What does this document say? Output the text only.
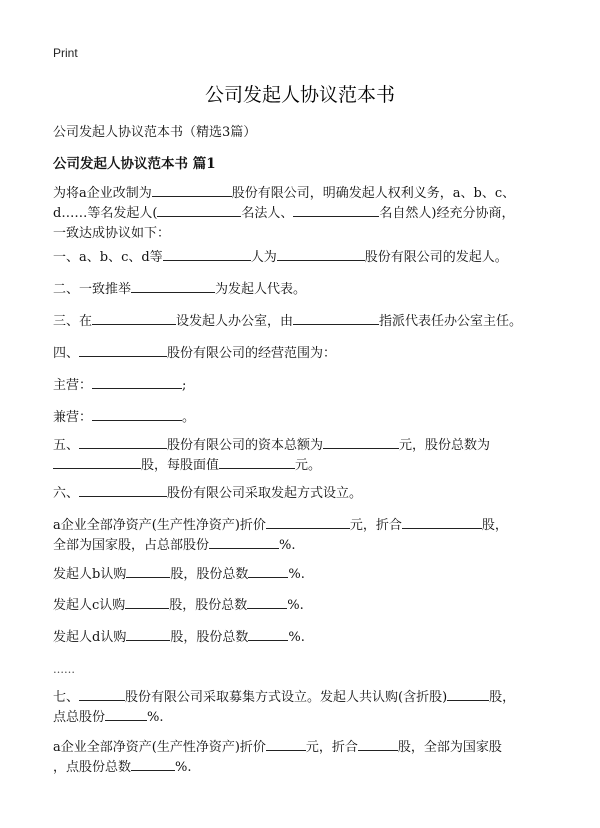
Print
公司发起人协议范本书
公司发起人协议范本书（精选3篇）
公司发起人协议范本书 篇1
为将a企业改制为	股份有限公司，明确发起人权利义务，a、b、c、
d……等名发起人(	名法人、	名自然人)经充分协商，
一致达成协议如下：
一、a、b、c、d等	人为	股份有限公司的发起人。
二、一致推举	为发起人代表。
三、在	设发起人办公室，由	指派代表任办公室主任。
四、	股份有限公司的经营范围为：
主营：	;
兼营：	。
五、	股份有限公司的资本总额为	元，股份总数为
股，每股面值	元。
六、	股份有限公司采取发起方式设立。
a企业全部净资产(生产性净资产)折价	元，折合	股，
全部为国家股，占总部股份	%.
发起人b认购	股，股份总数	%.
发起人c认购	股，股份总数	%.
发起人d认购	股，股份总数	%.
……
七、	股份有限公司采取募集方式设立。发起人共认购(含折股)	股，
点总股份	%.
a企业全部净资产(生产性净资产)折价	元，折合	股，全部为国家股
，点股份总数	%.
